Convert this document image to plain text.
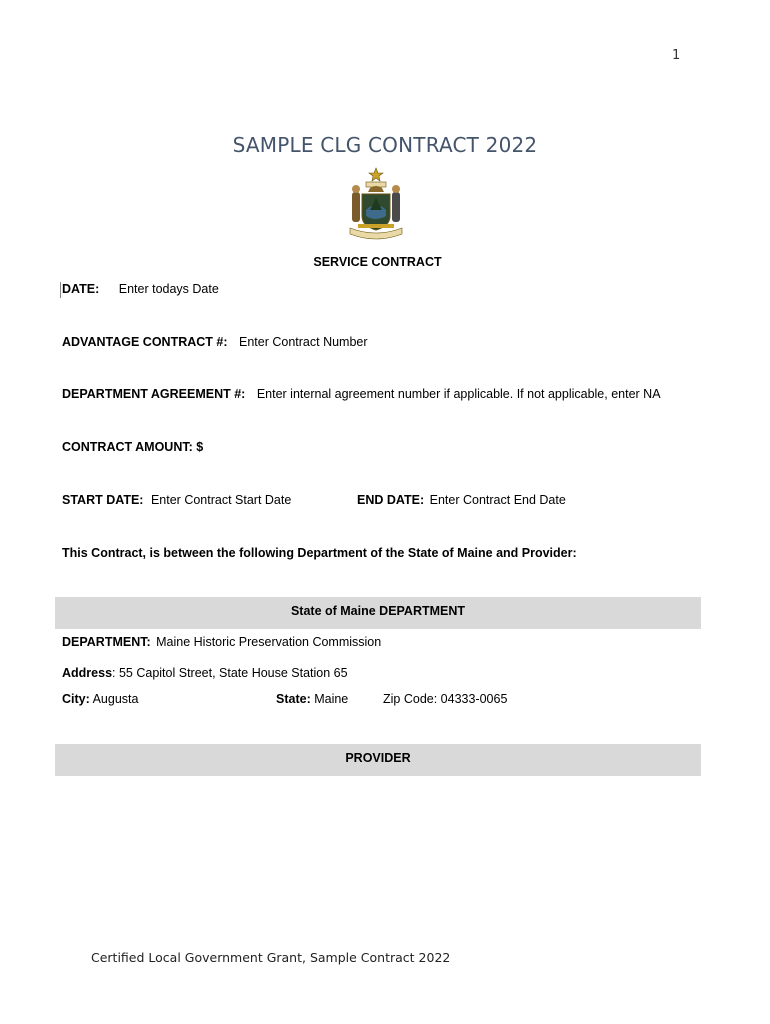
1
SAMPLE CLG CONTRACT 2022
SERVICE CONTRACT
DATE: Enter todays Date
ADVANTAGE CONTRACT #: Enter Contract Number
DEPARTMENT AGREEMENT #: Enter internal agreement number if applicable. If not applicable, enter NA
CONTRACT AMOUNT: $
START DATE: Enter Contract Start Date	END DATE: Enter Contract End Date
This Contract, is between the following Department of the State of Maine and Provider:
State of Maine DEPARTMENT
DEPARTMENT: Maine Historic Preservation Commission
Address: 55 Capitol Street, State House Station 65
City: Augusta	State: Maine	Zip Code: 04333-0065
PROVIDER
Certified Local Government Grant, Sample Contract 2022
